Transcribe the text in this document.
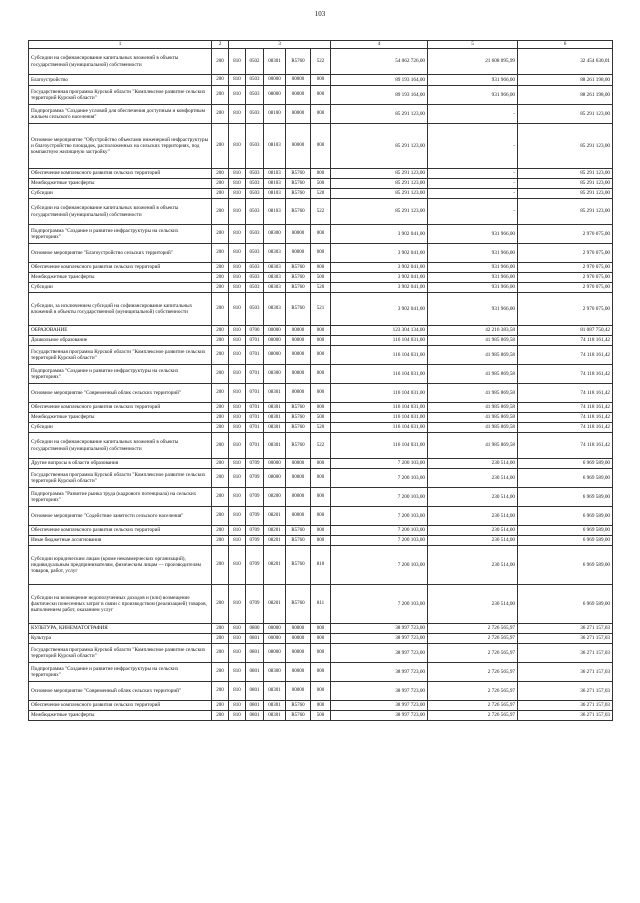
103
1	2	3					4	5	6
Субсидии на софинансирование капитальных вложений в объекты государственной (муниципальной) собственности	200	810	0502	08301	R5760	522	54 062 726,00	21 608 095,99	32 454 630,01
Благоустройство	200	810	0503	00000	00000	000	89 193 164,00	931 966,00	88 261 198,00
Государственная программа Курской области "Комплексное развитие сельских территорий Курской области"	200	810	0503	08000	00000	000	89 193 164,00	931 966,00	88 261 198,00
Подпрограмма "Создание условий для обеспечения доступным и комфортным жильем сельского населения"	200	810	0503	08100	00000	000	85 291 123,00	-	85 291 123,00
Основное мероприятие "Обустройство объектами инженерной инфраструктуры и благоустройство площадок, расположенных на сельских территориях, под компактную жилищную застройку"	200	810	0503	08103	00000	000	85 291 123,00	-	85 291 123,00
Обеспечение комплексного развития сельских территорий	200	810	0503	08103	R5760	000	85 291 123,00	-	85 291 123,00
Межбюджетные трансферты	200	810	0503	08103	R5760	500	85 291 123,00	-	85 291 123,00
Субсидии	200	810	0503	08103	R5760	520	85 291 123,00	-	85 291 123,00
Субсидии на софинансирование капитальных вложений в объекты государственной (муниципальной) собственности	200	810	0503	08103	R5760	522	85 291 123,00	-	85 291 123,00
Подпрограмма "Создание и развитие инфраструктуры на сельских территориях"	200	810	0503	08300	00000	000	3 902 041,00	931 966,00	2 970 075,00
Основное мероприятие "Благоустройство сельских территорий"	200	810	0503	08303	00000	000	3 902 041,00	931 966,00	2 970 075,00
Обеспечение комплексного развития сельских территорий	200	810	0503	08303	R5760	000	3 902 041,00	931 966,00	2 970 075,00
Межбюджетные трансферты	200	810	0503	08303	R5760	500	3 902 041,00	931 966,00	2 970 075,00
Субсидии	200	810	0503	08303	R5760	520	3 902 041,00	931 966,00	2 970 075,00
Субсидии, за исключением субсидий на софинансирование капитальных вложений в объекты государственной (муниципальной) собственности	200	810	0503	08303	R5760	521	3 902 041,00	931 966,00	2 970 075,00
ОБРАЗОВАНИЕ	200	810	0700	00000	00000	000	123 304 134,00	42 216 383,58	81 087 750,42
Дошкольное образование	200	810	0701	00000	00000	000	116 104 031,00	41 985 869,58	74 118 161,42
Государственная программа Курской области "Комплексное развитие сельских территорий Курской области"	200	810	0701	08000	00000	000	116 104 031,00	41 985 869,58	74 118 161,42
Подпрограмма "Создание и развитие инфраструктуры на сельских территориях"	200	810	0701	08300	00000	000	116 104 031,00	41 985 869,58	74 118 161,42
Основное мероприятие "Современный облик сельских территорий"	200	810	0701	08301	00000	000	116 104 031,00	41 985 869,58	74 118 161,42
Обеспечение комплексного развития сельских территорий	200	810	0701	08301	R5760	000	116 104 031,00	41 985 869,58	74 118 161,42
Межбюджетные трансферты	200	810	0701	08301	R5760	500	116 104 031,00	41 985 869,58	74 118 161,42
Субсидии	200	810	0701	08301	R5760	520	116 104 031,00	41 985 869,58	74 118 161,42
Субсидии на софинансирование капитальных вложений в объекты государственной (муниципальной) собственности	200	810	0701	08301	R5760	522	116 104 031,00	41 985 869,58	74 118 161,42
Другие вопросы в области образования	200	810	0709	00000	00000	000	7 200 103,00	230 514,00	6 969 589,00
Государственная программа Курской области "Комплексное развитие сельских территорий Курской области"	200	810	0709	08000	00000	000	7 200 103,00	230 514,00	6 969 589,00
Подпрограмма "Развитие рынка труда (кадрового потенциала) на сельских территориях"	200	810	0709	08200	00000	000	7 200 103,00	230 514,00	6 969 589,00
Основное мероприятие "Содействие занятости сельского населения"	200	810	0709	08201	00000	000	7 200 103,00	230 514,00	6 969 589,00
Обеспечение комплексного развития сельских территорий	200	810	0709	08201	R5760	000	7 200 103,00	230 514,00	6 969 589,00
Иные бюджетные ассигнования	200	810	0709	08201	R5760	800	7 200 103,00	230 514,00	6 969 589,00
Субсидии юридическим лицам (кроме некоммерческих организаций), индивидуальным предпринимателям, физическим лицам — производителям товаров, работ, услуг	200	810	0709	08201	R5760	810	7 200 103,00	230 514,00	6 969 589,00
Субсидии на возмещение недополученных доходов и (или) возмещение фактически понесенных затрат в связи с производством (реализацией) товаров, выполнением работ, оказанием услуг	200	810	0709	08201	R5760	811	7 200 103,00	230 514,00	6 969 589,00
КУЛЬТУРА, КИНЕМАТОГРАФИЯ	200	810	0800	00000	00000	000	38 997 723,00	2 726 565,97	36 271 157,03
Культура	200	810	0801	00000	00000	000	38 997 723,00	2 726 565,97	36 271 157,03
Государственная программа Курской области "Комплексное развитие сельских территорий Курской области"	200	810	0801	08000	00000	000	38 997 723,00	2 726 565,97	36 271 157,03
Подпрограмма "Создание и развитие инфраструктуры на сельских территориях"	200	810	0801	08300	00000	000	38 997 723,00	2 726 565,97	36 271 157,03
Основное мероприятие "Современный облик сельских территорий"	200	810	0801	08301	00000	000	38 997 723,00	2 726 565,97	36 271 157,03
Обеспечение комплексного развития сельских территорий	200	810	0801	08301	R5760	000	38 997 723,00	2 726 565,97	36 271 157,03
Межбюджетные трансферты	200	810	0801	08301	R5760	500	38 997 723,00	2 726 565,97	36 271 157,03
